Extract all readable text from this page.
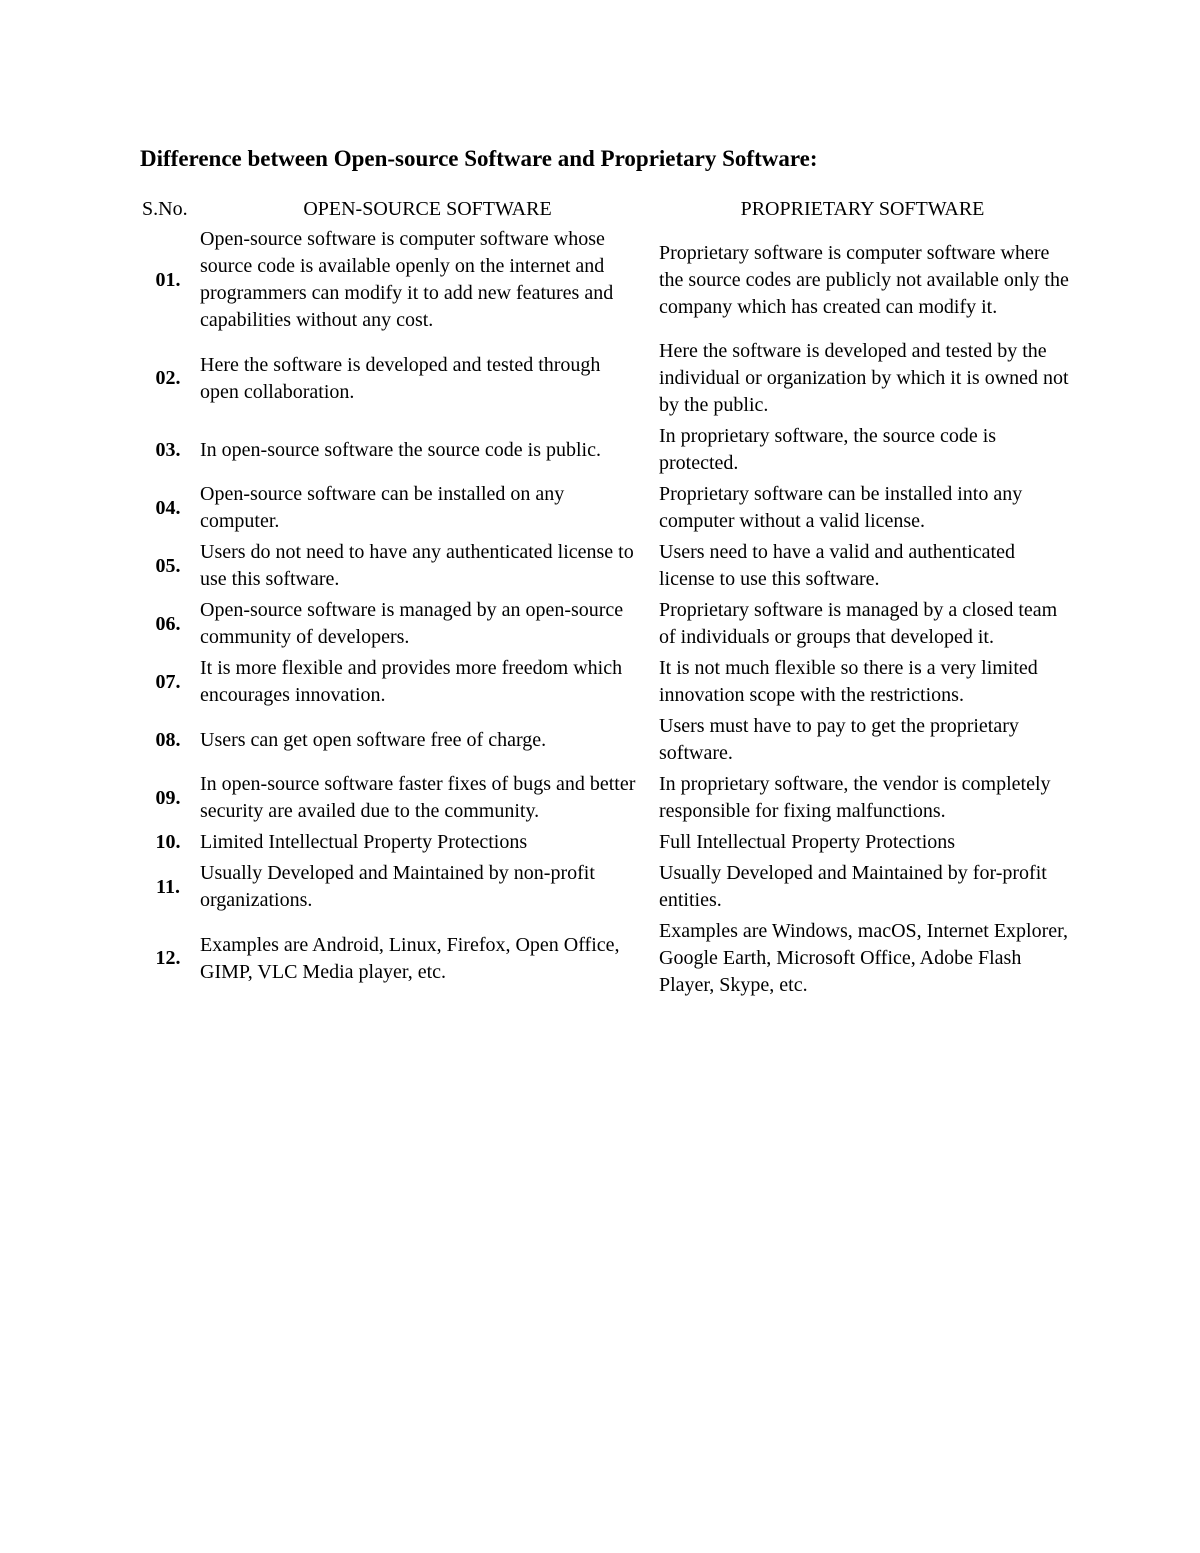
Difference between Open-source Software and Proprietary Software:
S.No.	OPEN-SOURCE SOFTWARE	PROPRIETARY SOFTWARE
01.	Open-source software is computer software whose source code is available openly on the internet and programmers can modify it to add new features and capabilities without any cost.	Proprietary software is computer software where the source codes are publicly not available only the company which has created can modify it.
02.	Here the software is developed and tested through open collaboration.	Here the software is developed and tested by the individual or organization by which it is owned not by the public.
03.	In open-source software the source code is public.	In proprietary software, the source code is protected.
04.	Open-source software can be installed on any computer.	Proprietary software can be installed into any computer without a valid license.
05.	Users do not need to have any authenticated license to use this software.	Users need to have a valid and authenticated license to use this software.
06.	Open-source software is managed by an open-source community of developers.	Proprietary software is managed by a closed team of individuals or groups that developed it.
07.	It is more flexible and provides more freedom which encourages innovation.	It is not much flexible so there is a very limited innovation scope with the restrictions.
08.	Users can get open software free of charge.	Users must have to pay to get the proprietary software.
09.	In open-source software faster fixes of bugs and better security are availed due to the community.	In proprietary software, the vendor is completely responsible for fixing malfunctions.
10.	Limited Intellectual Property Protections	Full Intellectual Property Protections
11.	Usually Developed and Maintained by non-profit organizations.	Usually Developed and Maintained by for-profit entities.
12.	Examples are Android, Linux, Firefox, Open Office, GIMP, VLC Media player, etc.	Examples are Windows, macOS, Internet Explorer, Google Earth, Microsoft Office, Adobe Flash Player, Skype, etc.
